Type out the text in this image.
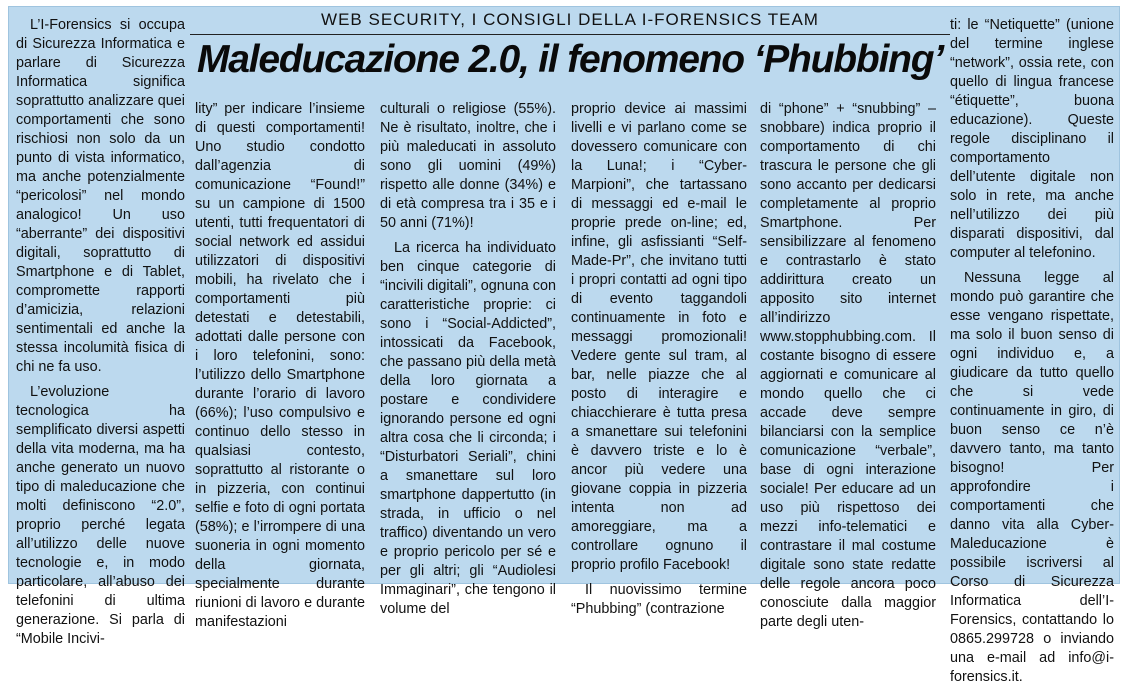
WEB SECURITY, I CONSIGLI DELLA I-FORENSICS TEAM
Maleducazione 2.0, il fenomeno ‘Phubbing’

L’I-Forensics si occupa di Sicurezza Informatica e parlare di Sicurezza Informatica significa soprattutto analizzare quei comportamenti che sono rischiosi non solo da un punto di vista informatico, ma anche potenzialmente “pericolosi” nel mondo analogico! Un uso “aberrante” dei dispositivi digitali, soprattutto di Smartphone e di Tablet, compromette rapporti d’amicizia, relazioni sentimentali ed anche la stessa incolumità fisica di chi ne fa uso.

L’evoluzione tecnologica ha semplificato diversi aspetti della vita moderna, ma ha anche generato un nuovo tipo di maleducazione che molti definiscono “2.0”, proprio perché legata all’utilizzo delle nuove tecnologie e, in modo particolare, all’abuso dei telefonini di ultima generazione. Si parla di “Mobile Incivi-

lity” per indicare l’insieme di questi comportamenti! Uno studio condotto dall’agenzia di comunicazione “Found!” su un campione di 1500 utenti, tutti frequentatori di social network ed assidui utilizzatori di dispositivi mobili, ha rivelato che i comportamenti più detestati e detestabili, adottati dalle persone con i loro telefonini, sono: l’utilizzo dello Smartphone durante l’orario di lavoro (66%); l’uso compulsivo e continuo dello stesso in qualsiasi contesto, soprattutto al ristorante o in pizzeria, con continui selfie e foto di ogni portata (58%); e l’irrompere di una suoneria in ogni momento della giornata, specialmente durante riunioni di lavoro e durante manifestazioni

culturali o religiose (55%). Ne è risultato, inoltre, che i più maleducati in assoluto sono gli uomini (49%) rispetto alle donne (34%) e di età compresa tra i 35 e i 50 anni (71%)!

La ricerca ha individuato ben cinque categorie di “incivili digitali”, ognuna con caratteristiche proprie: ci sono i “Social-Addicted”, intossicati da Facebook, che passano più della metà della loro giornata a postare e condividere ignorando persone ed ogni altra cosa che li circonda; i “Disturbatori Seriali”, chini a smanettare sul loro smartphone dappertutto (in strada, in ufficio o nel traffico) diventando un vero e proprio pericolo per sé e per gli altri; gli “Audiolesi Immaginari”, che tengono il volume del

proprio device ai massimi livelli e vi parlano come se dovessero comunicare con la Luna!; i “Cyber-Marpioni”, che tartassano di messaggi ed e-mail le proprie prede on-line; ed, infine, gli asfissianti “Self-Made-Pr”, che invitano tutti i propri contatti ad ogni tipo di evento taggandoli continuamente in foto e messaggi promozionali! Vedere gente sul tram, al bar, nelle piazze che al posto di interagire e chiacchierare è tutta presa a smanettare sui telefonini è davvero triste e lo è ancor più vedere una giovane coppia in pizzeria intenta non ad amoreggiare, ma a controllare ognuno il proprio profilo Facebook!

Il nuovissimo termine “Phubbing” (contrazione

di “phone” + “snubbing” – snobbare) indica proprio il comportamento di chi trascura le persone che gli sono accanto per dedicarsi completamente al proprio Smartphone. Per sensibilizzare al fenomeno e contrastarlo è stato addirittura creato un apposito sito internet all’indirizzo www.stopphubbing.com. Il costante bisogno di essere aggiornati e comunicare al mondo quello che ci accade deve sempre bilanciarsi con la semplice comunicazione “verbale”, base di ogni interazione sociale! Per educare ad un uso più rispettoso dei mezzi info-telematici e contrastare il mal costume digitale sono state redatte delle regole ancora poco conosciute dalla maggior parte degli uten-

ti: le “Netiquette” (unione del termine inglese “network”, ossia rete, con quello di lingua francese “étiquette”, buona educazione). Queste regole disciplinano il comportamento dell’utente digitale non solo in rete, ma anche nell’utilizzo dei più disparati dispositivi, dal computer al telefonino.

Nessuna legge al mondo può garantire che esse vengano rispettate, ma solo il buon senso di ogni individuo e, a giudicare da tutto quello che si vede continuamente in giro, di buon senso ce n’è davvero tanto, ma tanto bisogno! Per approfondire i comportamenti che danno vita alla Cyber-Maleducazione è possibile iscriversi al Corso di Sicurezza Informatica dell’I-Forensics, contattando lo 0865.299728 o inviando una e-mail ad info@i-forensics.it.
